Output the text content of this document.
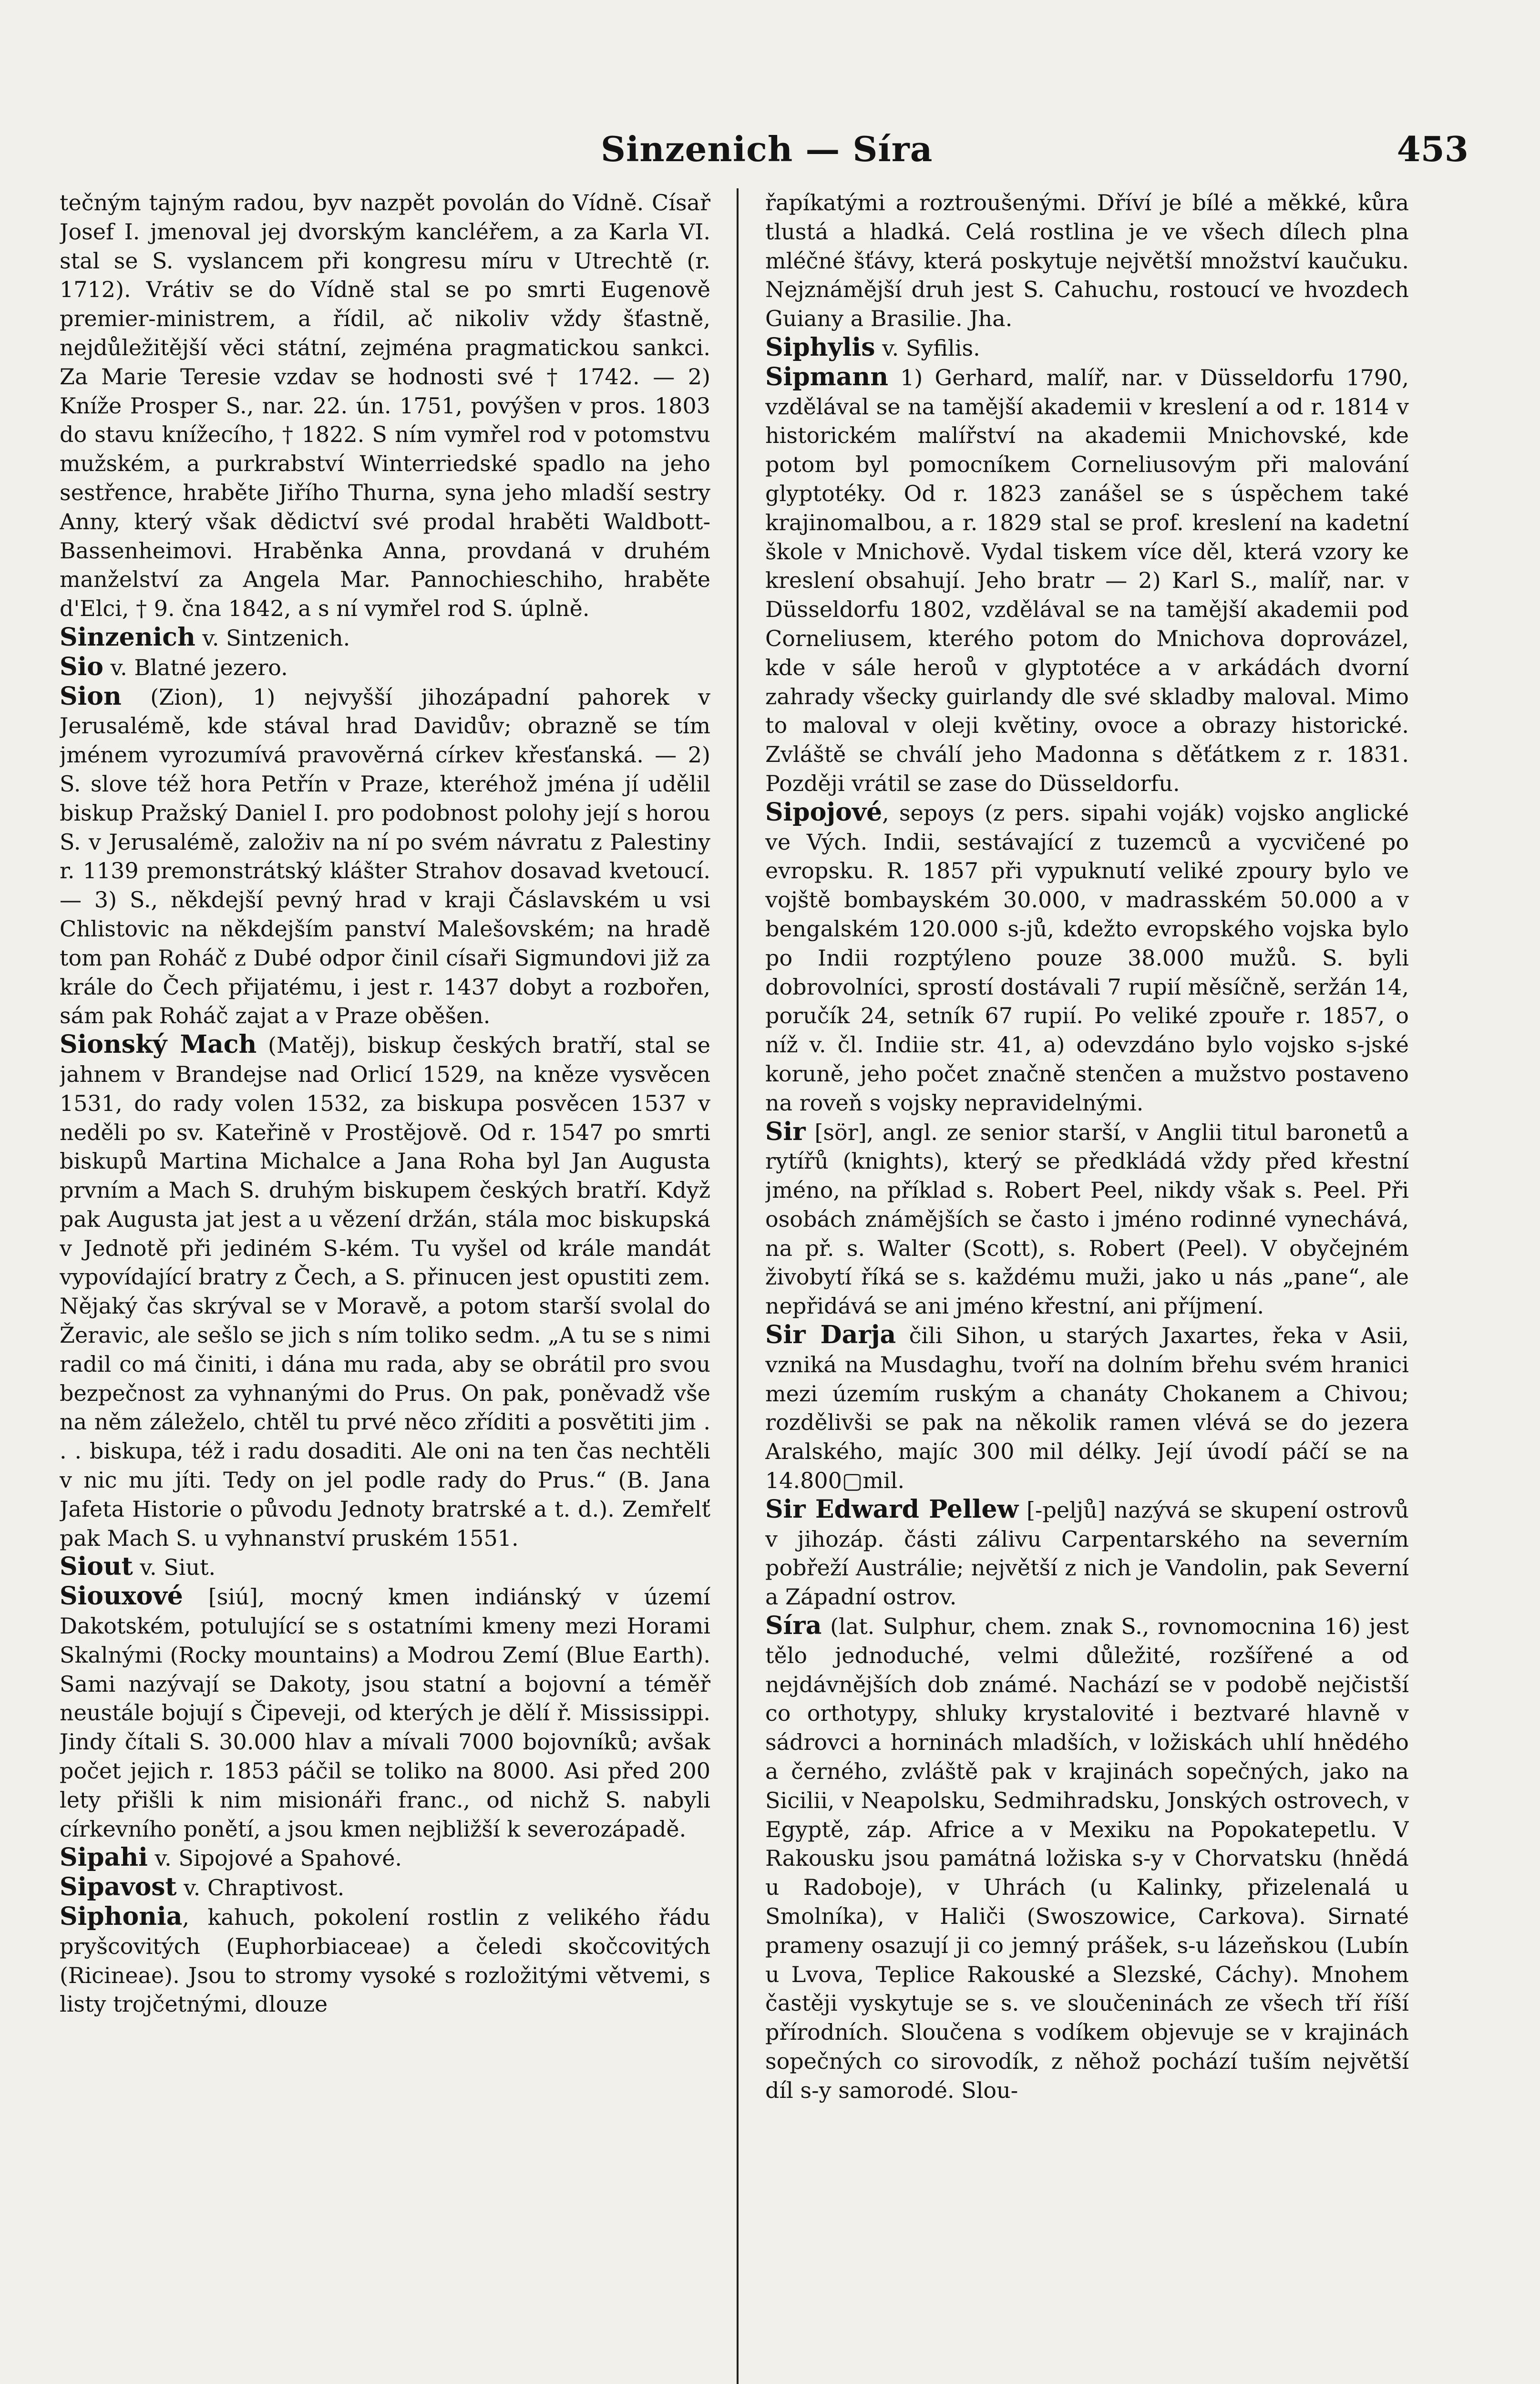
Sinzenich — Síra	453

tečným tajným radou, byv nazpět povolán do Vídně. Císař Josef I. jmenoval jej dvorským kancléřem, a za Karla VI. stal se S. vyslancem při kongresu míru v Utrechtě (r. 1712). Vrátiv se do Vídně stal se po smrti Eugenově premier-ministrem, a řídil, ač nikoliv vždy šťastně, nejdůležitější věci státní, zejména pragmatickou sankci. Za Marie Teresie vzdav se hodnosti své † 1742. — 2) Kníže Prosper S., nar. 22. ún. 1751, povýšen v pros. 1803 do stavu knížecího, † 1822. S ním vymřel rod v potomstvu mužském, a purkrabství Winterriedské spadlo na jeho sestřence, hraběte Jiřího Thurna, syna jeho mladší sestry Anny, který však dědictví své prodal hraběti Waldbott-Bassenheimovi. Hraběnka Anna, provdaná v druhém manželství za Angela Mar. Pannochieschiho, hraběte d'Elci, † 9. čna 1842, a s ní vymřel rod S. úplně.

Sinzenich v. Sintzenich.

Sio v. Blatné jezero.

Sion (Zion), 1) nejvyšší jihozápadní pahorek v Jerusalémě, kde stával hrad Davidův; obrazně se tím jménem vyrozumívá pravověrná církev křesťanská. — 2) S. slove též hora Petřín v Praze, kteréhož jména jí udělil biskup Pražský Daniel I. pro podobnost polohy její s horou S. v Jerusalémě, založiv na ní po svém návratu z Palestiny r. 1139 premonstrátský klášter Strahov dosavad kvetoucí. — 3) S., někdejší pevný hrad v kraji Čáslavském u vsi Chlistovic na někdejším panství Malešovském; na hradě tom pan Roháč z Dubé odpor činil císaři Sigmundovi již za krále do Čech přijatému, i jest r. 1437 dobyt a rozbořen, sám pak Roháč zajat a v Praze oběšen.

Sionský Mach (Matěj), biskup českých bratří, stal se jahnem v Brandejse nad Orlicí 1529, na kněze vysvěcen 1531, do rady volen 1532, za biskupa posvěcen 1537 v neděli po sv. Kateřině v Prostějově. Od r. 1547 po smrti biskupů Martina Michalce a Jana Roha byl Jan Augusta prvním a Mach S. druhým biskupem českých bratří. Když pak Augusta jat jest a u vězení držán, stála moc biskupská v Jednotě při jediném S-kém. Tu vyšel od krále mandát vypovídající bratry z Čech, a S. přinucen jest opustiti zem. Nějaký čas skrýval se v Moravě, a potom starší svolal do Žeravic, ale sešlo se jich s ním toliko sedm. „A tu se s nimi radil co má činiti, i dána mu rada, aby se obrátil pro svou bezpečnost za vyhnanými do Prus. On pak, poněvadž vše na něm záleželo, chtěl tu prvé něco zříditi a posvětiti jim . . . biskupa, též i radu dosaditi. Ale oni na ten čas nechtěli v nic mu jíti. Tedy on jel podle rady do Prus.“ (B. Jana Jafeta Historie o původu Jednoty bratrské a t. d.). Zemřelť pak Mach S. u vyhnanství pruském 1551.

Siout v. Siut.

Siouxové [siú], mocný kmen indiánský v území Dakotském, potulující se s ostatními kmeny mezi Horami Skalnými (Rocky mountains) a Modrou Zemí (Blue Earth). Sami nazývají se Dakoty, jsou statní a bojovní a téměř neustále bojují s Čipeveji, od kterých je dělí ř. Mississippi. Jindy čítali S. 30.000 hlav a mívali 7000 bojovníků; avšak počet jejich r. 1853 páčil se toliko na 8000. Asi před 200 lety přišli k nim misionáři franc., od nichž S. nabyli církevního ponětí, a jsou kmen nejbližší k severozápadě.

Sipahi v. Sipojové a Spahové.

Sipavost v. Chraptivost.

Siphonia, kahuch, pokolení rostlin z velikého řádu pryšcovitých (Euphorbiaceae) a čeledi skočcovitých (Ricineae). Jsou to stromy vysoké s rozložitými větvemi, s listy trojčetnými, dlouze

řapíkatými a roztroušenými. Dříví je bílé a měkké, kůra tlustá a hladká. Celá rostlina je ve všech dílech plna mléčné šťávy, která poskytuje největší množství kaučuku. Nejznámější druh jest S. Cahuchu, rostoucí ve hvozdech Guiany a Brasilie. Jha.

Siphylis v. Syfilis.

Sipmann 1) Gerhard, malíř, nar. v Düsseldorfu 1790, vzdělával se na tamější akademii v kreslení a od r. 1814 v historickém malířství na akademii Mnichovské, kde potom byl pomocníkem Corneliusovým při malování glyptotéky. Od r. 1823 zanášel se s úspěchem také krajinomalbou, a r. 1829 stal se prof. kreslení na kadetní škole v Mnichově. Vydal tiskem více děl, která vzory ke kreslení obsahují. Jeho bratr — 2) Karl S., malíř, nar. v Düsseldorfu 1802, vzdělával se na tamější akademii pod Corneliusem, kterého potom do Mnichova doprovázel, kde v sále heroů v glyptotéce a v arkádách dvorní zahrady všecky guirlandy dle své skladby maloval. Mimo to maloval v oleji květiny, ovoce a obrazy historické. Zvláště se chválí jeho Madonna s děťátkem z r. 1831. Později vrátil se zase do Düsseldorfu.

Sipojové, sepoys (z pers. sipahi voják) vojsko anglické ve Vých. Indii, sestávající z tuzemců a vycvičené po evropsku. R. 1857 při vypuknutí veliké zpoury bylo ve vojště bombayském 30.000, v madrasském 50.000 a v bengalském 120.000 s-jů, kdežto evropského vojska bylo po Indii rozptýleno pouze 38.000 mužů. S. byli dobrovolníci, sprostí dostávali 7 rupií měsíčně, seržán 14, poručík 24, setník 67 rupií. Po veliké zpouře r. 1857, o níž v. čl. Indiie str. 41, a) odevzdáno bylo vojsko s-jské koruně, jeho počet značně stenčen a mužstvo postaveno na roveň s vojsky nepravidelnými.

Sir [sör], angl. ze senior starší, v Anglii titul baronetů a rytířů (knights), který se předkládá vždy před křestní jméno, na příklad s. Robert Peel, nikdy však s. Peel. Při osobách známějších se často i jméno rodinné vynechává, na př. s. Walter (Scott), s. Robert (Peel). V obyčejném živobytí říká se s. každému muži, jako u nás „pane“, ale nepřidává se ani jméno křestní, ani příjmení.

Sir Darja čili Sihon, u starých Jaxartes, řeka v Asii, vzniká na Musdaghu, tvoří na dolním břehu svém hranici mezi územím ruským a chanáty Chokanem a Chivou; rozdělivši se pak na několik ramen vlévá se do jezera Aralského, majíc 300 mil délky. Její úvodí páčí se na 14.800▢mil.

Sir Edward Pellew [-peljů] nazývá se skupení ostrovů v jihozáp. části zálivu Carpentarského na severním pobřeží Austrálie; největší z nich je Vandolin, pak Severní a Západní ostrov.

Síra (lat. Sulphur, chem. znak S., rovnomocnina 16) jest tělo jednoduché, velmi důležité, rozšířené a od nejdávnějších dob známé. Nachází se v podobě nejčistší co orthotypy, shluky krystalovité i beztvaré hlavně v sádrovci a horninách mladších, v ložiskách uhlí hnědého a černého, zvláště pak v krajinách sopečných, jako na Sicilii, v Neapolsku, Sedmihradsku, Jonských ostrovech, v Egyptě, záp. Africe a v Mexiku na Popokatepetlu. V Rakousku jsou památná ložiska s-y v Chorvatsku (hnědá u Radoboje), v Uhrách (u Kalinky, přizelenalá u Smolníka), v Haliči (Swoszowice, Carkova). Sirnaté prameny osazují ji co jemný prášek, s-u lázeňskou (Lubín u Lvova, Teplice Rakouské a Slezské, Cáchy). Mnohem častěji vyskytuje se s. ve sloučeninách ze všech tří říší přírodních. Sloučena s vodíkem objevuje se v krajinách sopečných co sirovodík, z něhož pochází tuším největší díl s-y samorodé. Slou-
